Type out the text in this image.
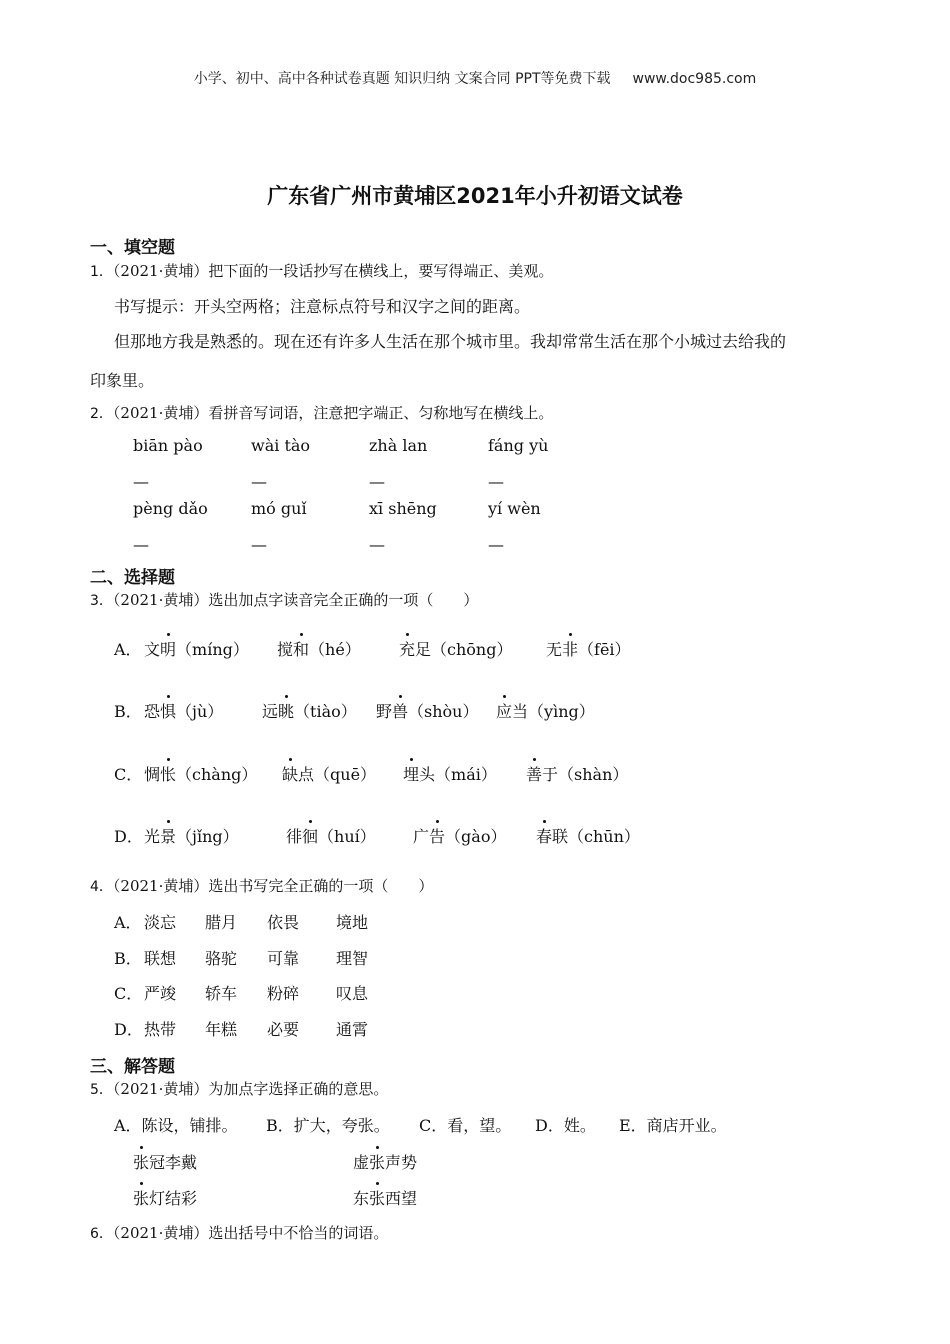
小学、初中、高中各种试卷真题 知识归纳 文案合同 PPT等免费下载 www.doc985.com
广东省广州市黄埔区2021年小升初语文试卷
一、填空题
1．（2021·黄埔）把下面的一段话抄写在横线上，要写得端正、美观。
书写提示：开头空两格；注意标点符号和汉字之间的距离。
但那地方我是熟悉的。现在还有许多人生活在那个城市里。我却常常生活在那个小城过去给我的
印象里。
2．（2021·黄埔）看拼音写词语，注意把字端正、匀称地写在横线上。
biān pào	wài tào	zhà lan	fáng yù
—	—	—	—
pèng dǎo	mó guǐ	xī shēng	yí wèn
—	—	—	—
二、选择题
3．（2021·黄埔）选出加点字读音完全正确的一项（　　）
A． 文明（míng） 搅和（hé） 充足（chōng） 无非（fēi）
B． 恐惧（jù） 远眺（tiào） 野兽（shòu） 应当（yìng）
C． 惆怅（chàng） 缺点（quē） 埋头（mái） 善于（shàn）
D． 光景（jǐng）	徘徊（huí） 广告（gào） 春联（chūn）
4．（2021·黄埔）选出书写完全正确的一项（　　）
A． 淡忘 腊月 依畏 境地
B． 联想 骆驼 可靠 理智
C． 严竣 轿车 粉碎 叹息
D． 热带 年糕 必要 通霄
三、解答题
5．（2021·黄埔）为加点字选择正确的意思。
A．陈设，铺排。 B．扩大，夸张。 C．看，望。 D．姓。 E．商店开业。
张冠李戴	虚张声势
张灯结彩	东张西望
6．（2021·黄埔）选出括号中不恰当的词语。
